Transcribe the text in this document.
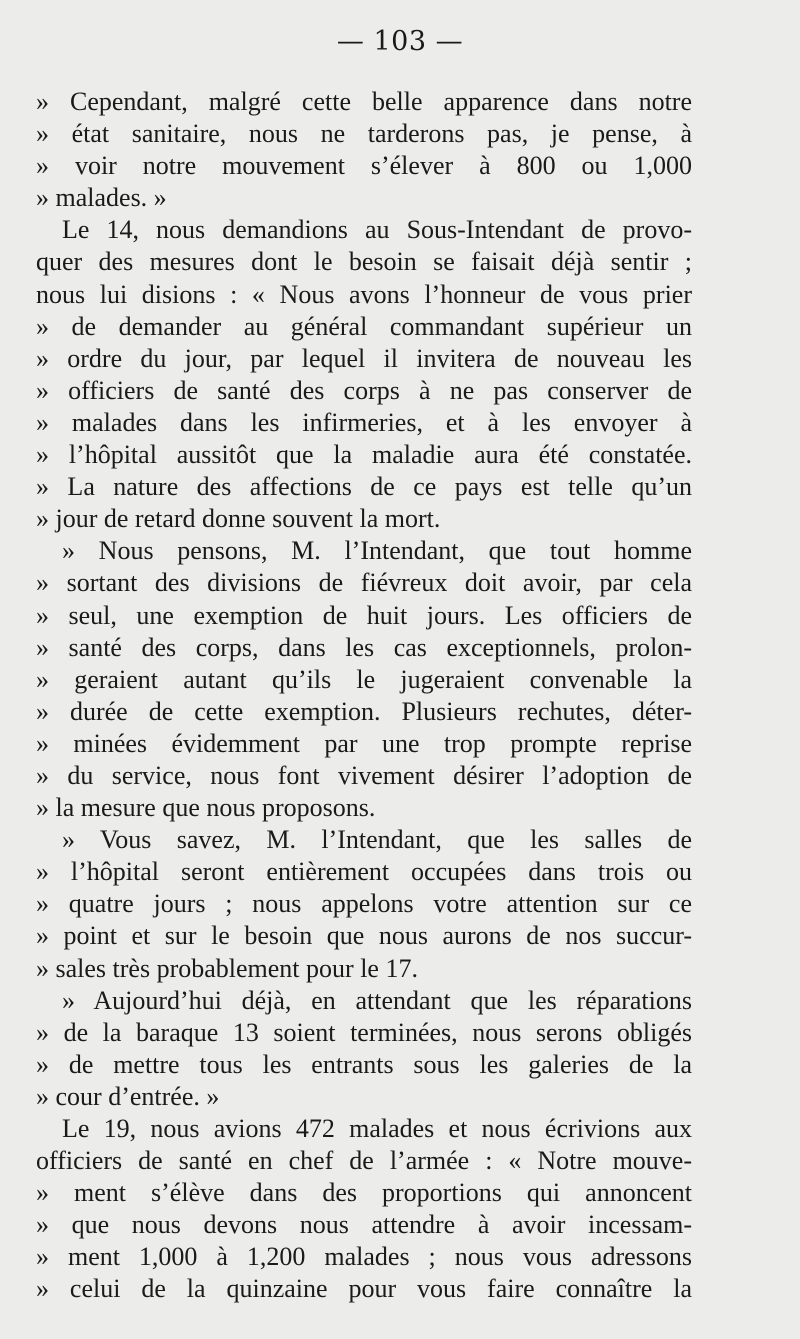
— 103 —
» Cependant, malgré cette belle apparence dans notre
» état sanitaire, nous ne tarderons pas, je pense, à
» voir notre mouvement s’élever à 800 ou 1,000
» malades. »
Le 14, nous demandions au Sous-Intendant de provo-
quer des mesures dont le besoin se faisait déjà sentir ;
nous lui disions : « Nous avons l’honneur de vous prier
» de demander au général commandant supérieur un
» ordre du jour, par lequel il invitera de nouveau les
» officiers de santé des corps à ne pas conserver de
» malades dans les infirmeries, et à les envoyer à
» l’hôpital aussitôt que la maladie aura été constatée.
» La nature des affections de ce pays est telle qu’un
» jour de retard donne souvent la mort.
» Nous pensons, M. l’Intendant, que tout homme
» sortant des divisions de fiévreux doit avoir, par cela
» seul, une exemption de huit jours. Les officiers de
» santé des corps, dans les cas exceptionnels, prolon-
» geraient autant qu’ils le jugeraient convenable la
» durée de cette exemption. Plusieurs rechutes, déter-
» minées évidemment par une trop prompte reprise
» du service, nous font vivement désirer l’adoption de
» la mesure que nous proposons.
» Vous savez, M. l’Intendant, que les salles de
» l’hôpital seront entièrement occupées dans trois ou
» quatre jours ; nous appelons votre attention sur ce
» point et sur le besoin que nous aurons de nos succur-
» sales très probablement pour le 17.
» Aujourd’hui déjà, en attendant que les réparations
» de la baraque 13 soient terminées, nous serons obligés
» de mettre tous les entrants sous les galeries de la
» cour d’entrée. »
Le 19, nous avions 472 malades et nous écrivions aux
officiers de santé en chef de l’armée : « Notre mouve-
» ment s’élève dans des proportions qui annoncent
» que nous devons nous attendre à avoir incessam-
» ment 1,000 à 1,200 malades ; nous vous adressons
» celui de la quinzaine pour vous faire connaître la
